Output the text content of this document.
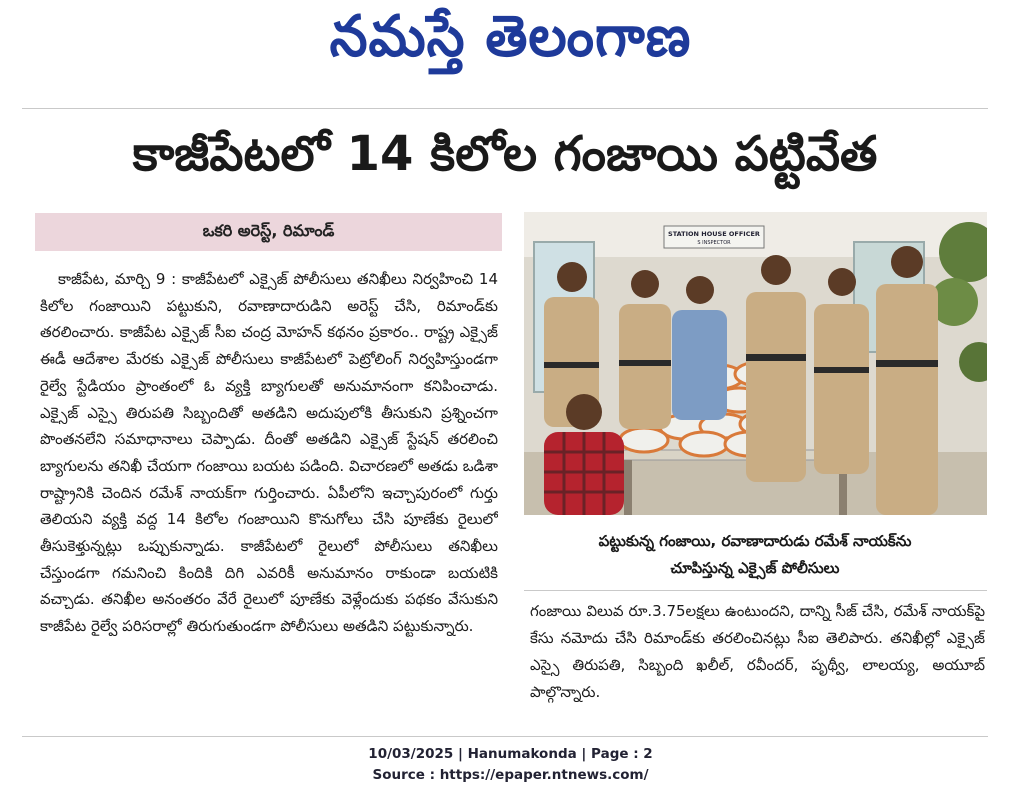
నమస్తే తెలంగాణ
కాజీపేటలో 14 కిలోల గంజాయి పట్టివేత
ఒకరి అరెస్ట్, రిమాండ్
కాజీపేట, మార్చి 9 : కాజీపేటలో ఎక్సైజ్ పోలీసులు తనిఖీలు నిర్వహించి 14 కిలోల గంజాయిని పట్టుకుని, రవాణాదారుడిని అరెస్ట్ చేసి, రిమాండ్‌కు తరలించారు. కాజీపేట ఎక్సైజ్ సీఐ చంద్ర మోహన్ కథనం ప్రకారం.. రాష్ట్ర ఎక్సైజ్ ఈడీ ఆదేశాల మేరకు ఎక్సైజ్ పోలీసులు కాజీపేటలో పెట్రోలింగ్ నిర్వహిస్తుండగా రైల్వే స్టేడియం ప్రాంతంలో ఓ వ్యక్తి బ్యాగులతో అనుమానంగా కనిపించాడు. ఎక్సైజ్ ఎస్సై తిరుపతి సిబ్బందితో అతడిని అదుపులోకి తీసుకుని ప్రశ్నించగా పొంతనలేని సమాధానాలు చెప్పాడు. దీంతో అతడిని ఎక్సైజ్ స్టేషన్ తరలించి బ్యాగులను తనిఖీ చేయగా గంజాయి బయట పడింది. విచారణలో అతడు ఒడిశా రాష్ట్రానికి చెందిన రమేశ్ నాయక్‌గా గుర్తించారు. ఏపీలోని ఇచ్చాపురంలో గుర్తు తెలియని వ్యక్తి వద్ద 14 కిలోల గంజాయిని కొనుగోలు చేసి పూణేకు రైలులో తీసుకెళ్తున్నట్లు ఒప్పుకున్నాడు. కాజీపేటలో రైలులో పోలీసులు తనిఖీలు చేస్తుండగా గమనించి కిందికి దిగి ఎవరికీ అనుమానం రాకుండా బయటికి వచ్చాడు. తనిఖీల అనంతరం వేరే రైలులో పూణేకు వెళ్లేందుకు పథకం వేసుకుని కాజీపేట రైల్వే పరిసరాల్లో తిరుగుతుండగా పోలీసులు అతడిని పట్టుకున్నారు.
STATION HOUSE OFFICER
S INSPECTOR
పట్టుకున్న గంజాయి, రవాణాదారుడు రమేశ్ నాయక్‌ను
చూపిస్తున్న ఎక్సైజ్ పోలీసులు
గంజాయి విలువ రూ.3.75లక్షలు ఉంటుందని, దాన్ని సీజ్ చేసి, రమేశ్ నాయక్‌పై కేసు నమోదు చేసి రిమాండ్‌కు తరలించినట్లు సీఐ తెలిపారు. తనిఖీల్లో ఎక్సైజ్ ఎస్సై తిరుపతి, సిబ్బంది ఖలీల్, రవీందర్, పృథ్వీ, లాలయ్య, అయూబ్ పాల్గొన్నారు.
10/03/2025 | Hanumakonda | Page : 2
Source : https://epaper.ntnews.com/
